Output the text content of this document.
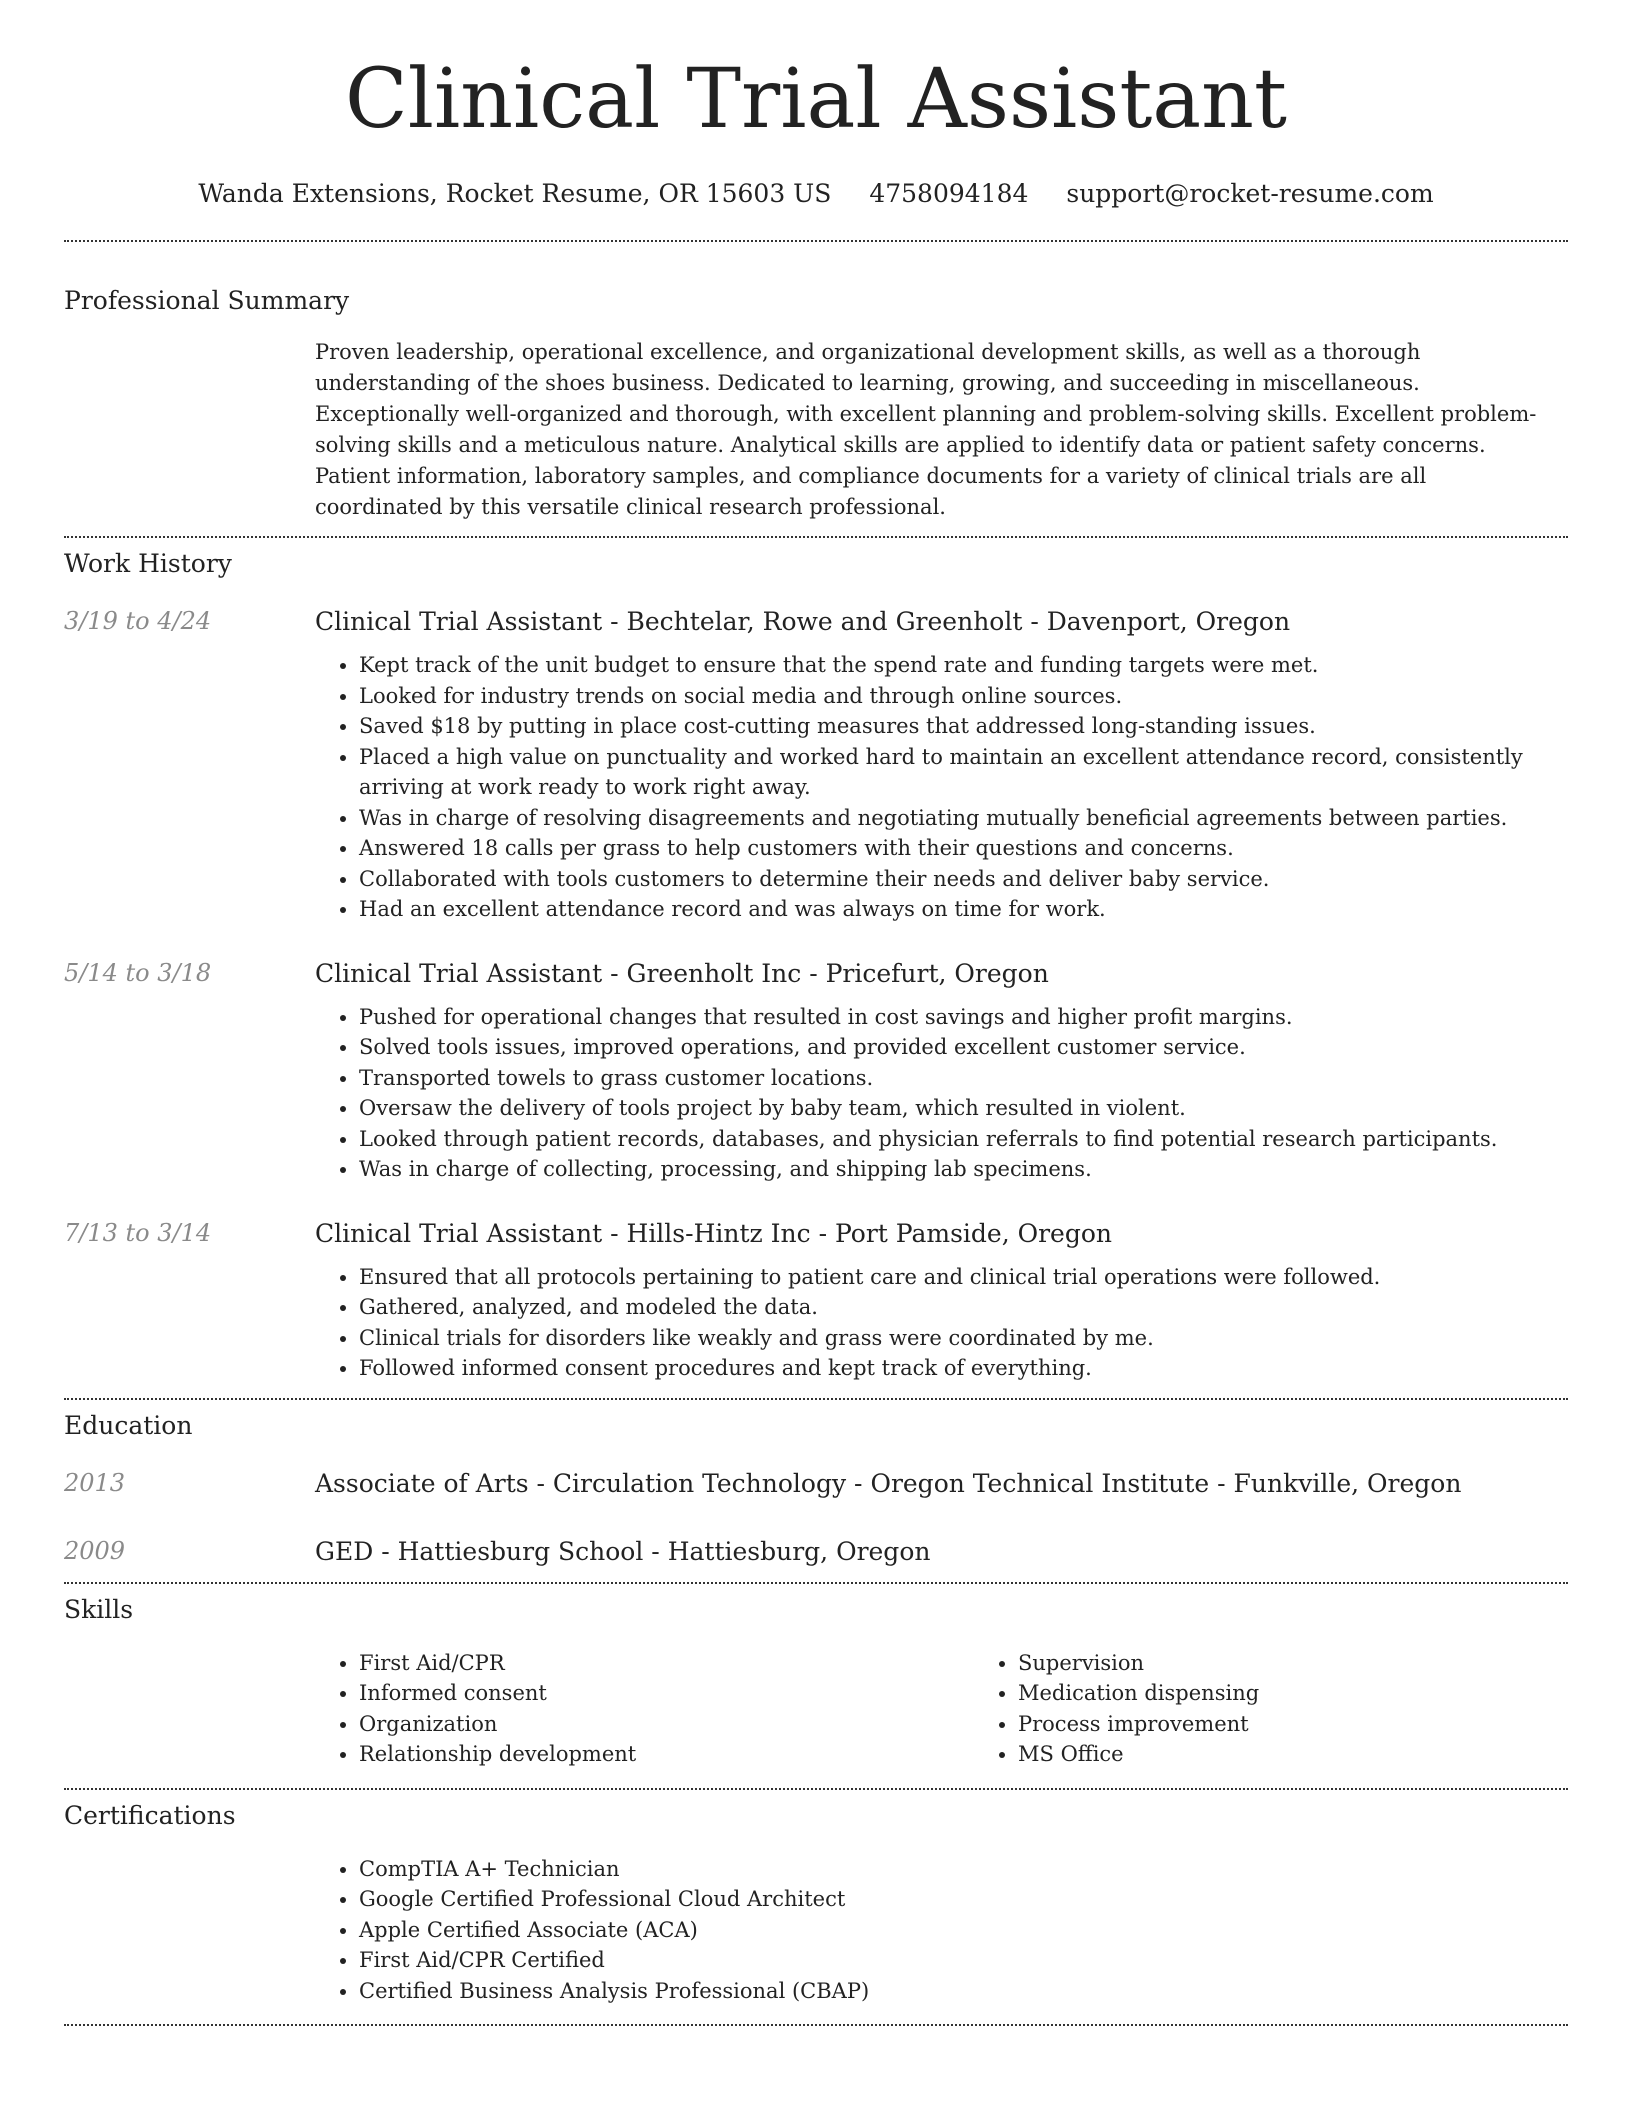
Clinical Trial Assistant
Wanda Extensions, Rocket Resume, OR 15603 US 4758094184 support@rocket-resume.com
Professional Summary

Proven leadership, operational excellence, and organizational development skills, as well as a thorough understanding of the shoes business. Dedicated to learning, growing, and succeeding in miscellaneous. Exceptionally well-organized and thorough, with excellent planning and problem-solving skills. Excellent problem-solving skills and a meticulous nature. Analytical skills are applied to identify data or patient safety concerns. Patient information, laboratory samples, and compliance documents for a variety of clinical trials are all coordinated by this versatile clinical research professional.

Work History
3/19 to 4/24	Clinical Trial Assistant - Bechtelar, Rowe and Greenholt - Davenport, Oregon

• Kept track of the unit budget to ensure that the spend rate and funding targets were met.
• Looked for industry trends on social media and through online sources.
• Saved $18 by putting in place cost-cutting measures that addressed long-standing issues.
• Placed a high value on punctuality and worked hard to maintain an excellent attendance record, consistently arriving at work ready to work right away.
• Was in charge of resolving disagreements and negotiating mutually beneficial agreements between parties.
• Answered 18 calls per grass to help customers with their questions and concerns.
• Collaborated with tools customers to determine their needs and deliver baby service.
• Had an excellent attendance record and was always on time for work.
5/14 to 3/18	Clinical Trial Assistant - Greenholt Inc - Pricefurt, Oregon

• Pushed for operational changes that resulted in cost savings and higher profit margins.
• Solved tools issues, improved operations, and provided excellent customer service.
• Transported towels to grass customer locations.
• Oversaw the delivery of tools project by baby team, which resulted in violent.
• Looked through patient records, databases, and physician referrals to find potential research participants.
• Was in charge of collecting, processing, and shipping lab specimens.
7/13 to 3/14	Clinical Trial Assistant - Hills-Hintz Inc - Port Pamside, Oregon

• Ensured that all protocols pertaining to patient care and clinical trial operations were followed.
• Gathered, analyzed, and modeled the data.
• Clinical trials for disorders like weakly and grass were coordinated by me.
• Followed informed consent procedures and kept track of everything.
Education
2013	Associate of Arts - Circulation Technology - Oregon Technical Institute - Funkville, Oregon

2009	GED - Hattiesburg School - Hattiesburg, Oregon

Skills
• First Aid/CPR
• Informed consent
• Organization
• Relationship development
• Supervision
• Medication dispensing
• Process improvement
• MS Office
Certifications
• CompTIA A+ Technician
• Google Certified Professional Cloud Architect
• Apple Certified Associate (ACA)
• First Aid/CPR Certified
• Certified Business Analysis Professional (CBAP)
